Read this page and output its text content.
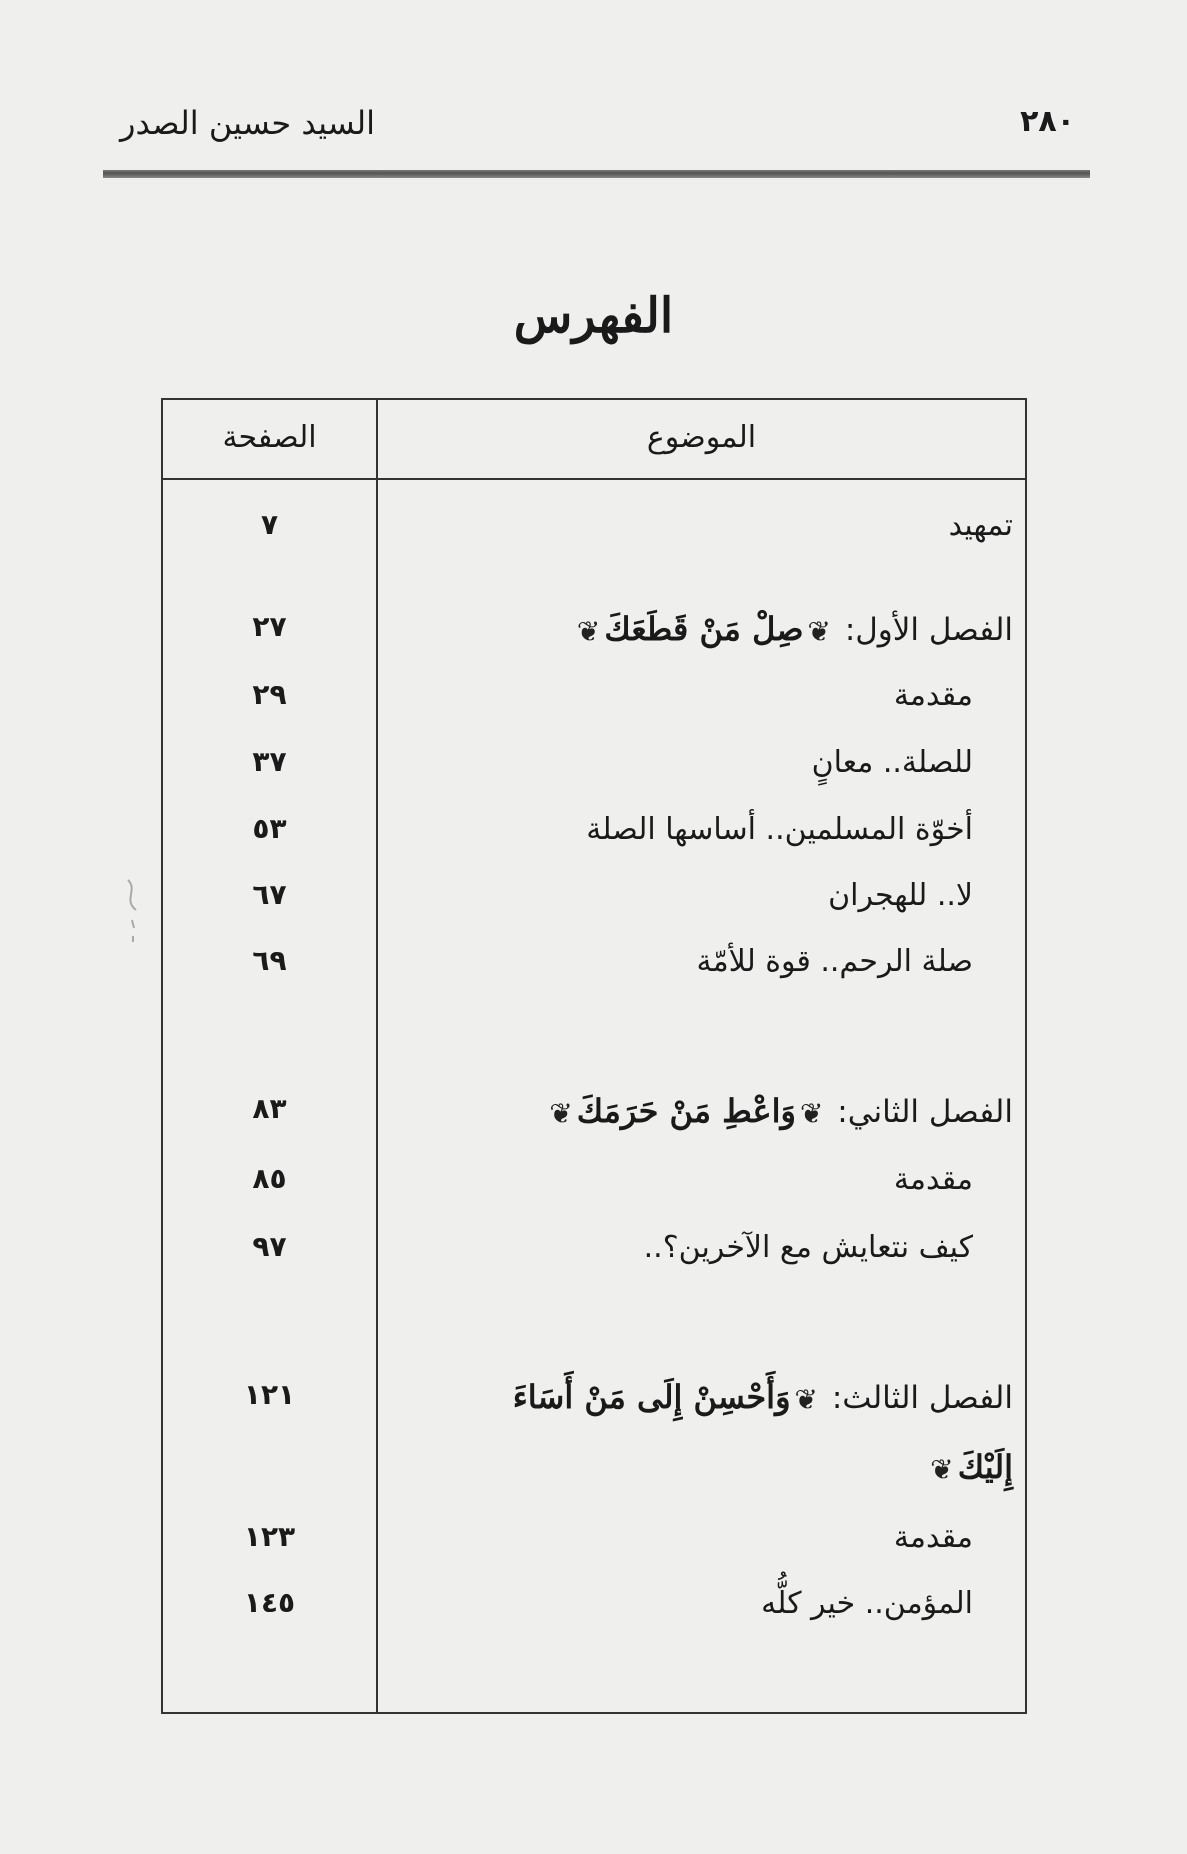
٢٨٠
السيد حسين الصدر
الفهرس
الموضوع
الصفحة
تمهيد
٧
الفصل الأول: ❦صِلْ مَنْ قَطَعَكَ❦
٢٧
مقدمة
٢٩
للصلة.. معانٍ
٣٧
أخوّة المسلمين.. أساسها الصلة
٥٣
لا.. للهجران
٦٧
صلة الرحم.. قوة للأمّة
٦٩
الفصل الثاني: ❦وَاعْطِ مَنْ حَرَمَكَ❦
٨٣
مقدمة
٨٥
كيف نتعايش مع الآخرين؟..
٩٧
الفصل الثالث: ❦وَأَحْسِنْ إِلَى مَنْ أَسَاءَ
إِلَيْكَ❦
١٢١
مقدمة
١٢٣
المؤمن.. خير كلُّه
١٤٥
